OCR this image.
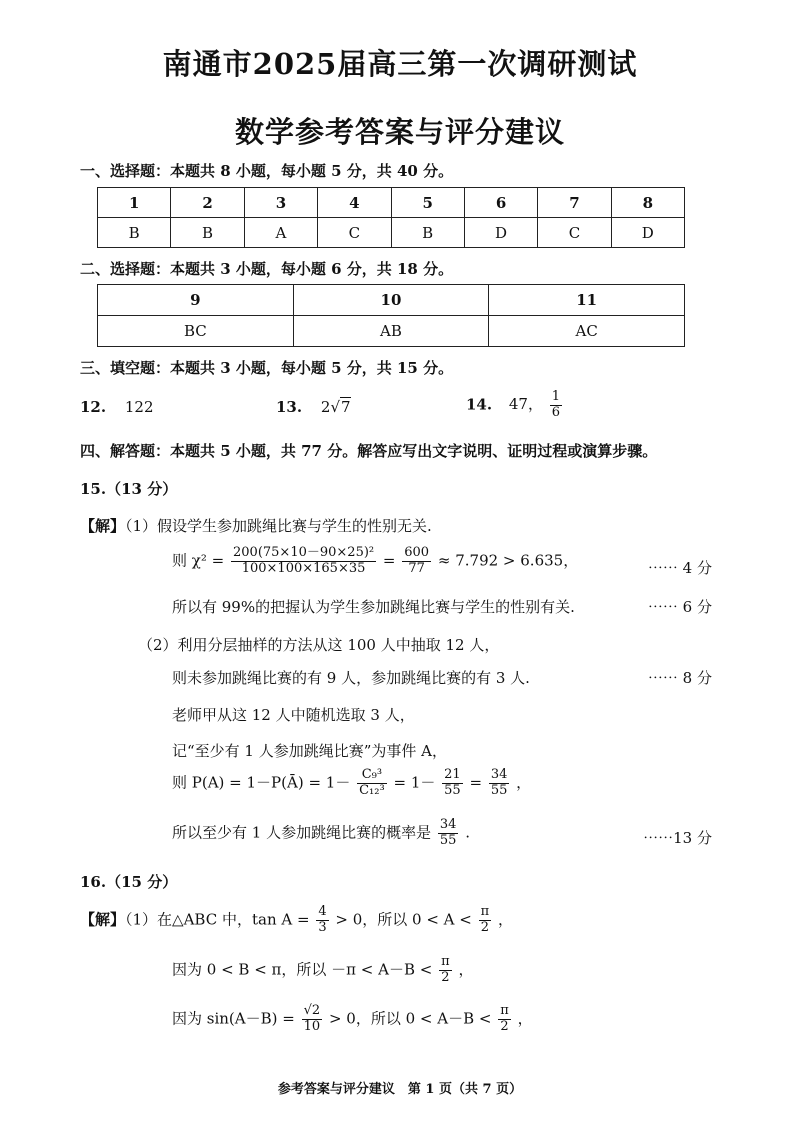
南通市2025届高三第一次调研测试
数学参考答案与评分建议
一、选择题：本题共 8 小题，每小题 5 分，共 40 分。
1	2	3	4	5	6	7	8
B	B	A	C	B	D	C	D
二、选择题：本题共 3 小题，每小题 6 分，共 18 分。
9	10	11
BC	AB	AC
三、填空题：本题共 3 小题，每小题 5 分，共 15 分。
12. 122	13. 2√7	14. 47， $\frac{1}{6}$
四、解答题：本题共 5 小题，共 77 分。解答应写出文字说明、证明过程或演算步骤。
15.（13 分）
【解】（1）假设学生参加跳绳比赛与学生的性别无关.
则 $\chi^2 = \frac{\text{200(75×10－90×25)²}}{100\times 100\times 165\times 35} = \frac{600}{77} \approx 7.792 > 6.635$，	⋯⋯ 4 分
所以有 99%的把握认为学生参加跳绳比赛与学生的性别有关.	⋯⋯ 6 分
（2）利用分层抽样的方法从这 100 人中抽取 12 人，
则未参加跳绳比赛的有 9 人，参加跳绳比赛的有 3 人.	⋯⋯ 8 分
老师甲从这 12 人中随机选取 3 人，
记“至少有 1 人参加跳绳比赛”为事件 A，
则 P(A) = 1－P(Ā) = $1- \frac{\text{C₉³}}{\text{C₁₂³}} = 1- \frac{21}{55} = \frac{34}{55}$ ，
所以至少有 1 人参加跳绳比赛的概率是 $\frac{34}{55}$ .	⋯⋯13 分
16.（15 分）
【解】（1）在△ABC 中，$\tan A = \frac{4}{3} > 0$，所以 $0 < A < \frac{\pi}{2}$ ，
因为 0 < B < π，所以 $-\pi < A-B < \frac{\pi}{2}$ ，
因为 $\sin(A-B) = \frac{√2}{10} > 0$，所以 $0 < A-B < \frac{\pi}{2}$ ，
参考答案与评分建议　第 1 页（共 7 页）
